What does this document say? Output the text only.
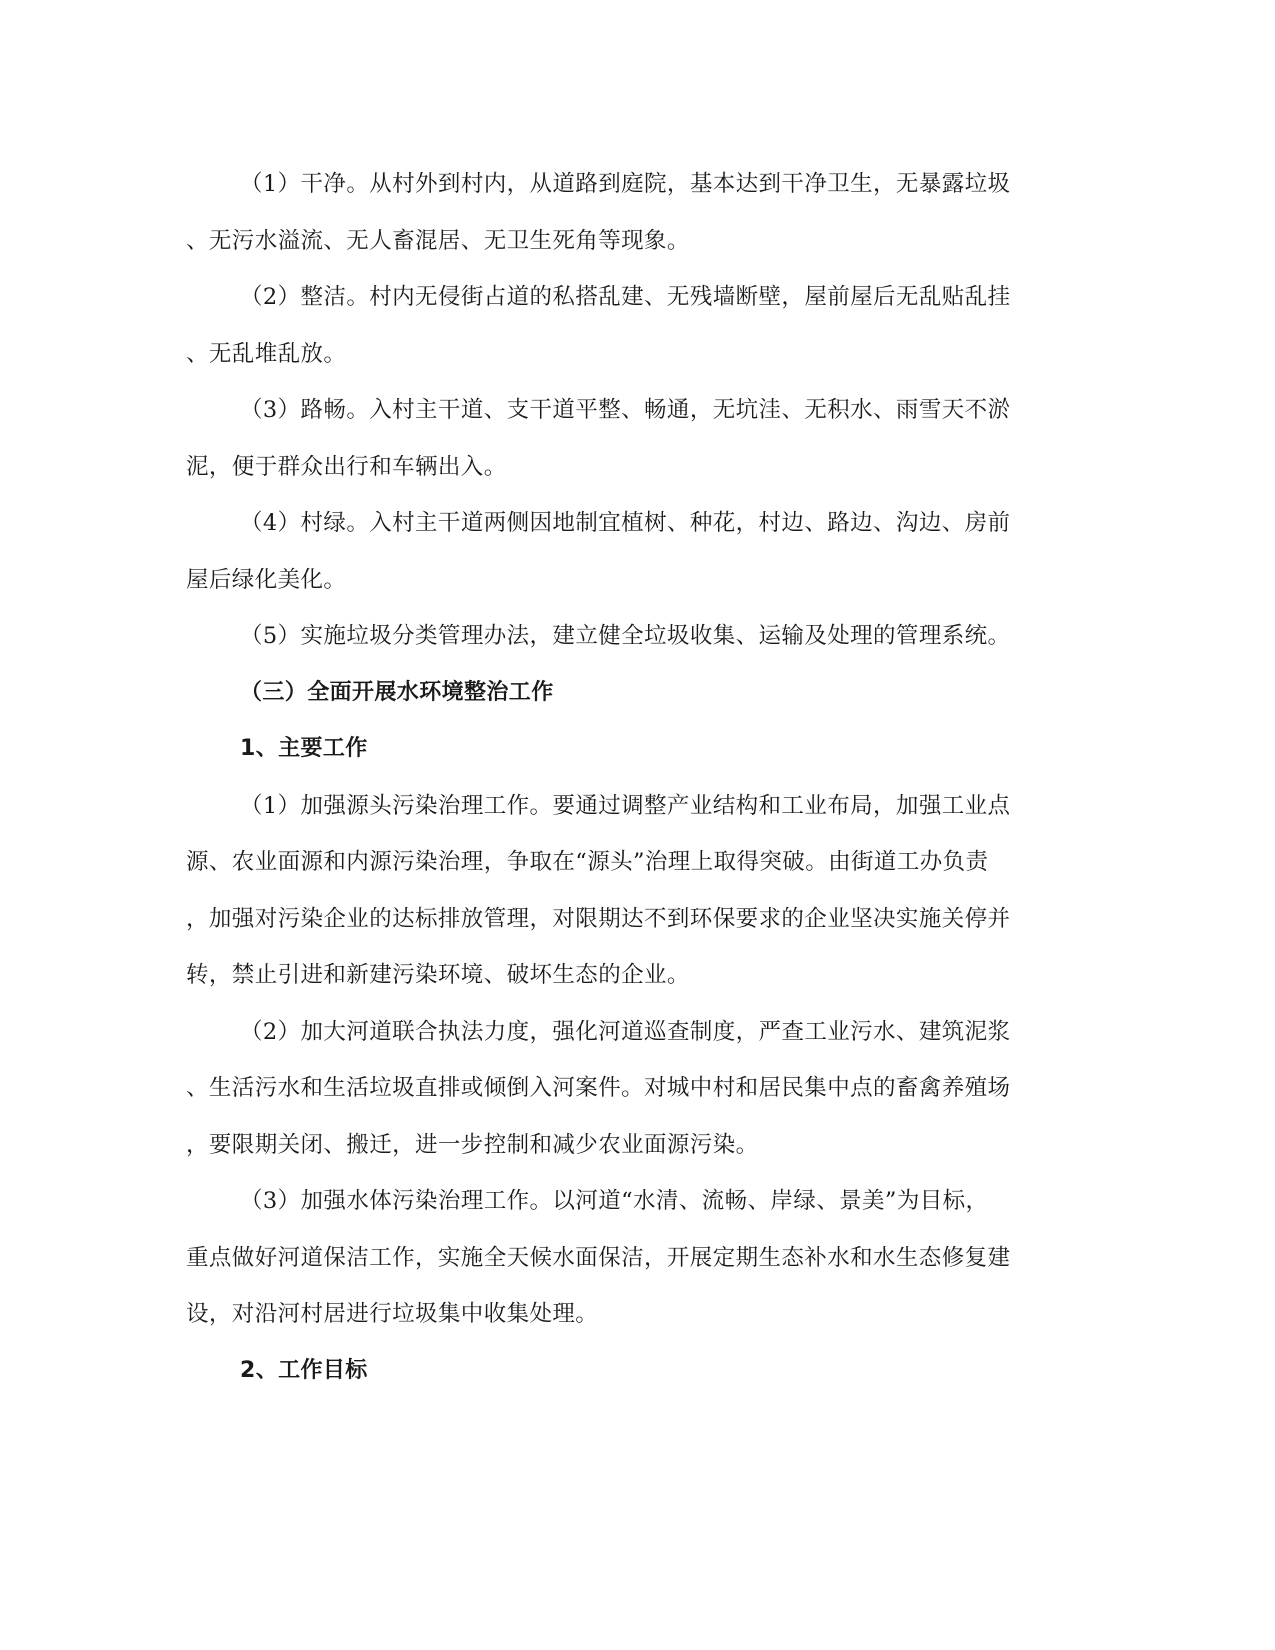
（1）干净。从村外到村内，从道路到庭院，基本达到干净卫生，无暴露垃圾
、无污水溢流、无人畜混居、无卫生死角等现象。
（2）整洁。村内无侵街占道的私搭乱建、无残墙断壁，屋前屋后无乱贴乱挂
、无乱堆乱放。
（3）路畅。入村主干道、支干道平整、畅通，无坑洼、无积水、雨雪天不淤
泥，便于群众出行和车辆出入。
（4）村绿。入村主干道两侧因地制宜植树、种花，村边、路边、沟边、房前
屋后绿化美化。
（5）实施垃圾分类管理办法，建立健全垃圾收集、运输及处理的管理系统。
（三）全面开展水环境整治工作
1、主要工作
（1）加强源头污染治理工作。要通过调整产业结构和工业布局，加强工业点
源、农业面源和内源污染治理，争取在“源头”治理上取得突破。由街道工办负责
，加强对污染企业的达标排放管理，对限期达不到环保要求的企业坚决实施关停并
转，禁止引进和新建污染环境、破坏生态的企业。
（2）加大河道联合执法力度，强化河道巡查制度，严查工业污水、建筑泥浆
、生活污水和生活垃圾直排或倾倒入河案件。对城中村和居民集中点的畜禽养殖场
，要限期关闭、搬迁，进一步控制和减少农业面源污染。
（3）加强水体污染治理工作。以河道“水清、流畅、岸绿、景美”为目标，
重点做好河道保洁工作，实施全天候水面保洁，开展定期生态补水和水生态修复建
设，对沿河村居进行垃圾集中收集处理。
2、工作目标
